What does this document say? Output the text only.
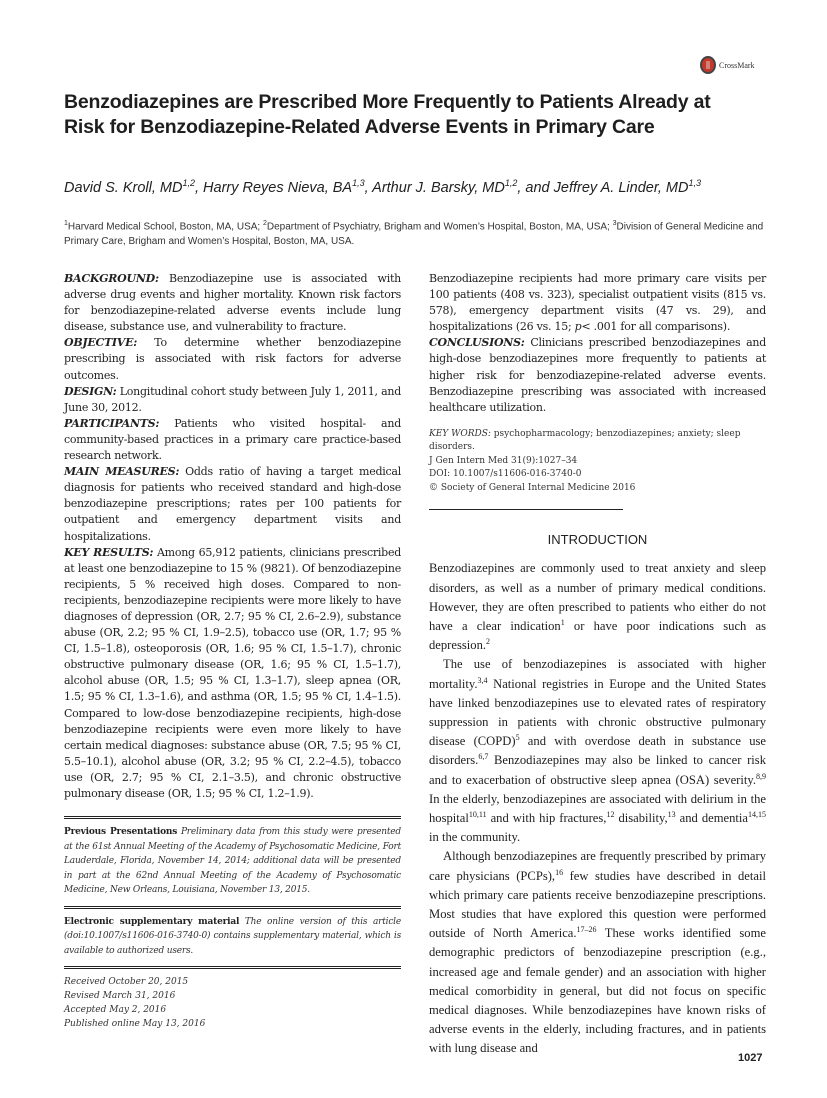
CrossMark
Benzodiazepines are Prescribed More Frequently to Patients Already at Risk for Benzodiazepine-Related Adverse Events in Primary Care
David S. Kroll, MD$^{1,2}$, Harry Reyes Nieva, BA$^{1,3}$, Arthur J. Barsky, MD$^{1,2}$, and Jeffrey A. Linder, MD$^{1,3}$
$^1$Harvard Medical School, Boston, MA, USA; $^2$Department of Psychiatry, Brigham and Women’s Hospital, Boston, MA, USA; $^3$Division of General Medicine and Primary Care, Brigham and Women’s Hospital, Boston, MA, USA.

BACKGROUND: Benzodiazepine use is associated with adverse drug events and higher mortality. Known risk factors for benzodiazepine-related adverse events include lung disease, substance use, and vulnerability to fracture.

OBJECTIVE: To determine whether benzodiazepine prescribing is associated with risk factors for adverse outcomes.

DESIGN: Longitudinal cohort study between July 1, 2011, and June 30, 2012.

PARTICIPANTS: Patients who visited hospital- and community-based practices in a primary care practice-based research network.

MAIN MEASURES: Odds ratio of having a target medical diagnosis for patients who received standard and high-dose benzodiazepine prescriptions; rates per 100 patients for outpatient and emergency department visits and hospitalizations.

KEY RESULTS: Among 65,912 patients, clinicians prescribed at least one benzodiazepine to 15 % (9821). Of benzodiazepine recipients, 5 % received high doses. Compared to non-recipients, benzodiazepine recipients were more likely to have diagnoses of depression (OR, 2.7; 95 % CI, 2.6–2.9), substance abuse (OR, 2.2; 95 % CI, 1.9–2.5), tobacco use (OR, 1.7; 95 % CI, 1.5–1.8), osteoporosis (OR, 1.6; 95 % CI, 1.5–1.7), chronic obstructive pulmonary disease (OR, 1.6; 95 % CI, 1.5–1.7), alcohol abuse (OR, 1.5; 95 % CI, 1.3–1.7), sleep apnea (OR, 1.5; 95 % CI, 1.3–1.6), and asthma (OR, 1.5; 95 % CI, 1.4–1.5). Compared to low-dose benzodiazepine recipients, high-dose benzodiazepine recipients were even more likely to have certain medical diagnoses: substance abuse (OR, 7.5; 95 % CI, 5.5–10.1), alcohol abuse (OR, 3.2; 95 % CI, 2.2–4.5), tobacco use (OR, 2.7; 95 % CI, 2.1–3.5), and chronic obstructive pulmonary disease (OR, 1.5; 95 % CI, 1.2–1.9).

Previous Presentations Preliminary data from this study were presented at the 61st Annual Meeting of the Academy of Psychosomatic Medicine, Fort Lauderdale, Florida, November 14, 2014; additional data will be presented in part at the 62nd Annual Meeting of the Academy of Psychosomatic Medicine, New Orleans, Louisiana, November 13, 2015.

Electronic supplementary material The online version of this article (doi:10.1007/s11606-016-3740-0) contains supplementary material, which is available to authorized users.

Received October 20, 2015
Revised March 31, 2016
Accepted May 2, 2016
Published online May 13, 2016

Benzodiazepine recipients had more primary care visits per 100 patients (408 vs. 323), specialist outpatient visits (815 vs. 578), emergency department visits (47 vs. 29), and hospitalizations (26 vs. 15; p< .001 for all comparisons).

CONCLUSIONS: Clinicians prescribed benzodiazepines and high-dose benzodiazepines more frequently to patients at higher risk for benzodiazepine-related adverse events. Benzodiazepine prescribing was associated with increased healthcare utilization.

KEY WORDS: psychopharmacology; benzodiazepines; anxiety; sleep disorders.
J Gen Intern Med 31(9):1027–34
DOI: 10.1007/s11606-016-3740-0
© Society of General Internal Medicine 2016
INTRODUCTION

Benzodiazepines are commonly used to treat anxiety and sleep disorders, as well as a number of primary medical conditions. However, they are often prescribed to patients who either do not have a clear indication$^1$ or have poor indications such as depression.$^2$

The use of benzodiazepines is associated with higher mortality.$^{3,4}$ National registries in Europe and the United States have linked benzodiazepines use to elevated rates of respiratory suppression in patients with chronic obstructive pulmonary disease (COPD)$^5$ and with overdose death in substance use disorders.$^{6,7}$ Benzodiazepines may also be linked to cancer risk and to exacerbation of obstructive sleep apnea (OSA) severity.$^{8,9}$ In the elderly, benzodiazepines are associated with delirium in the hospital$^{10,11}$ and with hip fractures,$^{12}$ disability,$^{13}$ and dementia$^{14,15}$ in the community.

Although benzodiazepines are frequently prescribed by primary care physicians (PCPs),$^{16}$ few studies have described in detail which primary care patients receive benzodiazepine prescriptions. Most studies that have explored this question were performed outside of North America.$^{17-26}$ These works identified some demographic predictors of benzodiazepine prescription (e.g., increased age and female gender) and an association with higher medical comorbidity in general, but did not focus on specific medical diagnoses. While benzodiazepines have known risks of adverse events in the elderly, including fractures, and in patients with lung disease and

1027
